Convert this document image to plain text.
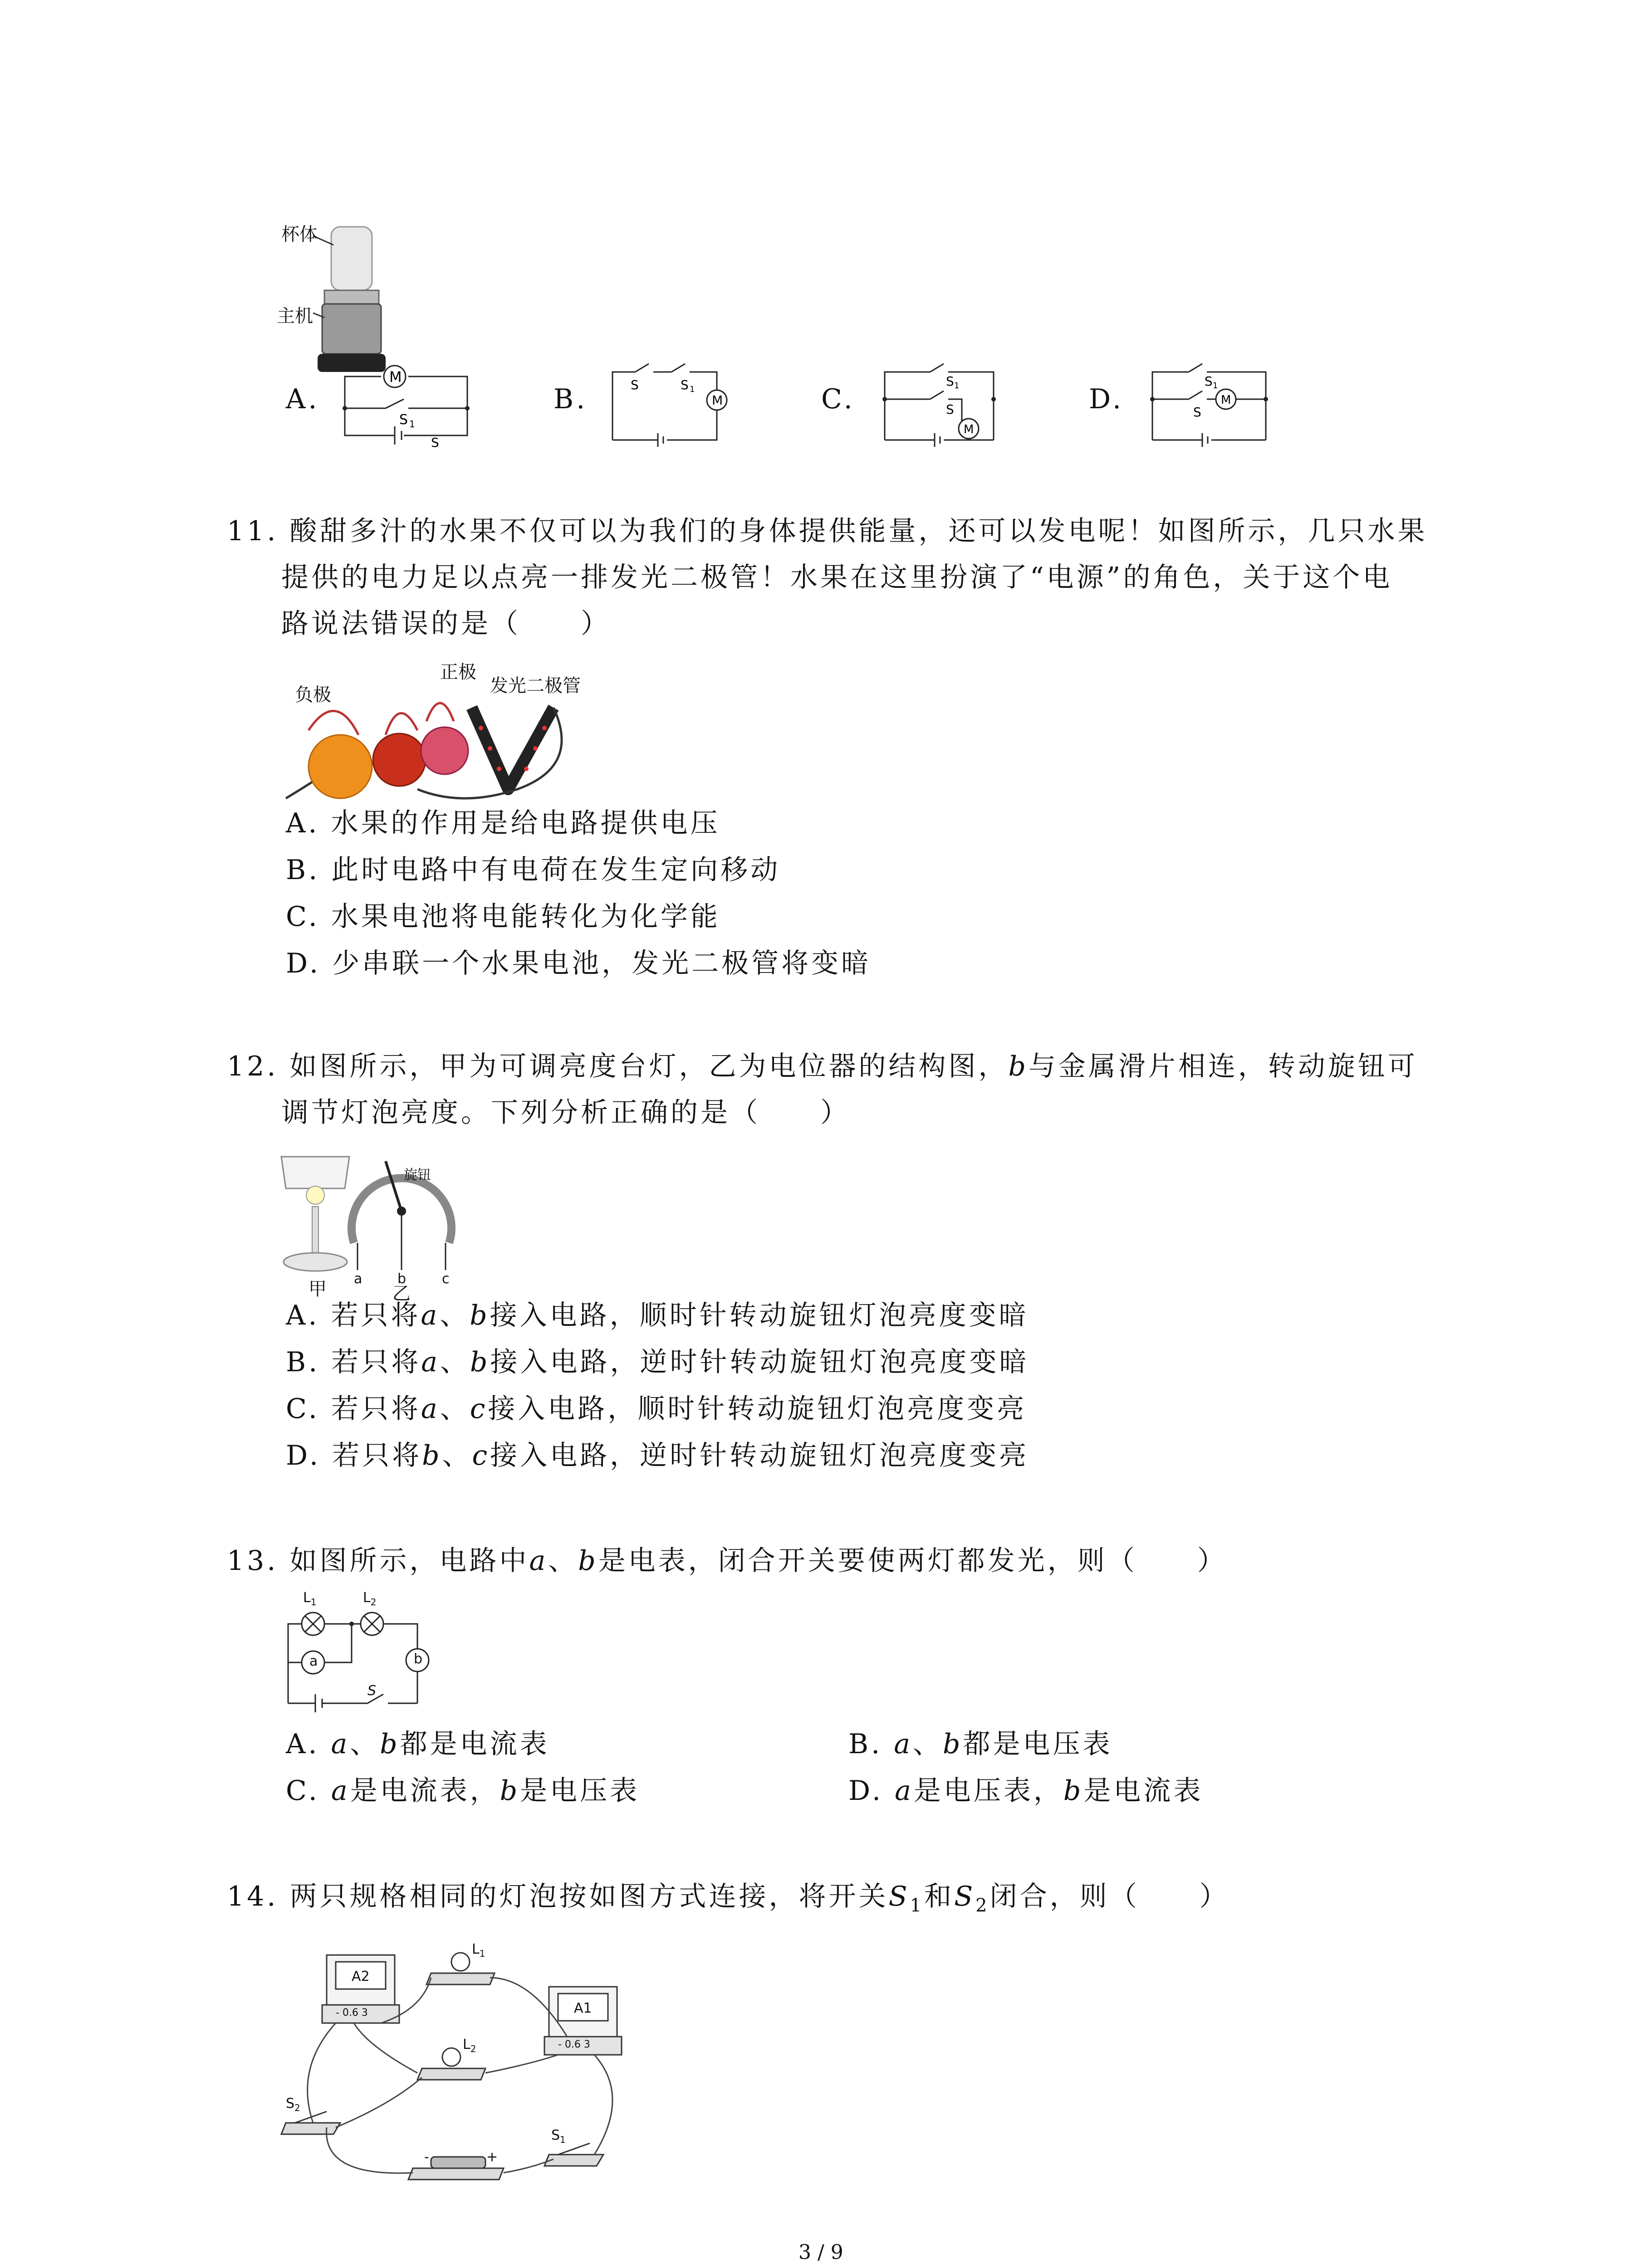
杯体
主机
A.
M
S 1
S
B.	S	S 1
M	C.
S 1
S
M
D.
S 1
S
M
11. 酸甜多汁的水果不仅可以为我们的身体提供能量，还可以发电呢！如图所示，几只水果
提供的电力足以点亮一排发光二极管！水果在这里扮演了“电源”的角色，关于这个电
路说法错误的是（　　）
负极
正极
发光二极管
A. 水果的作用是给电路提供电压
B. 此时电路中有电荷在发生定向移动
C. 水果电池将电能转化为化学能
D. 少串联一个水果电池，发光二极管将变暗
12. 如图所示，甲为可调亮度台灯，乙为电位器的结构图，b与金属滑片相连，转动旋钮可
调节灯泡亮度。下列分析正确的是（　　）
旋钮
a	b	c
甲	乙
A. 若只将a、b接入电路，顺时针转动旋钮灯泡亮度变暗
B. 若只将a、b接入电路，逆时针转动旋钮灯泡亮度变暗
C. 若只将a、c接入电路，顺时针转动旋钮灯泡亮度变亮
D. 若只将b、c接入电路，逆时针转动旋钮灯泡亮度变亮
13. 如图所示，电路中a、b是电表，闭合开关要使两灯都发光，则（　　）
$L_1$	$L_2$
a	b
S
A. a、b都是电流表	B. a、b都是电压表
C. a是电流表，b是电压表	D. a是电压表，b是电流表
14. 两只规格相同的灯泡按如图方式连接，将开关$S_1$和$S_2$闭合，则（　　）
A2
A1
- 0.6 3
- 0.6 3
$L_1$
$L_2$
$S_2$
$S_1$
-	+
3 / 9
